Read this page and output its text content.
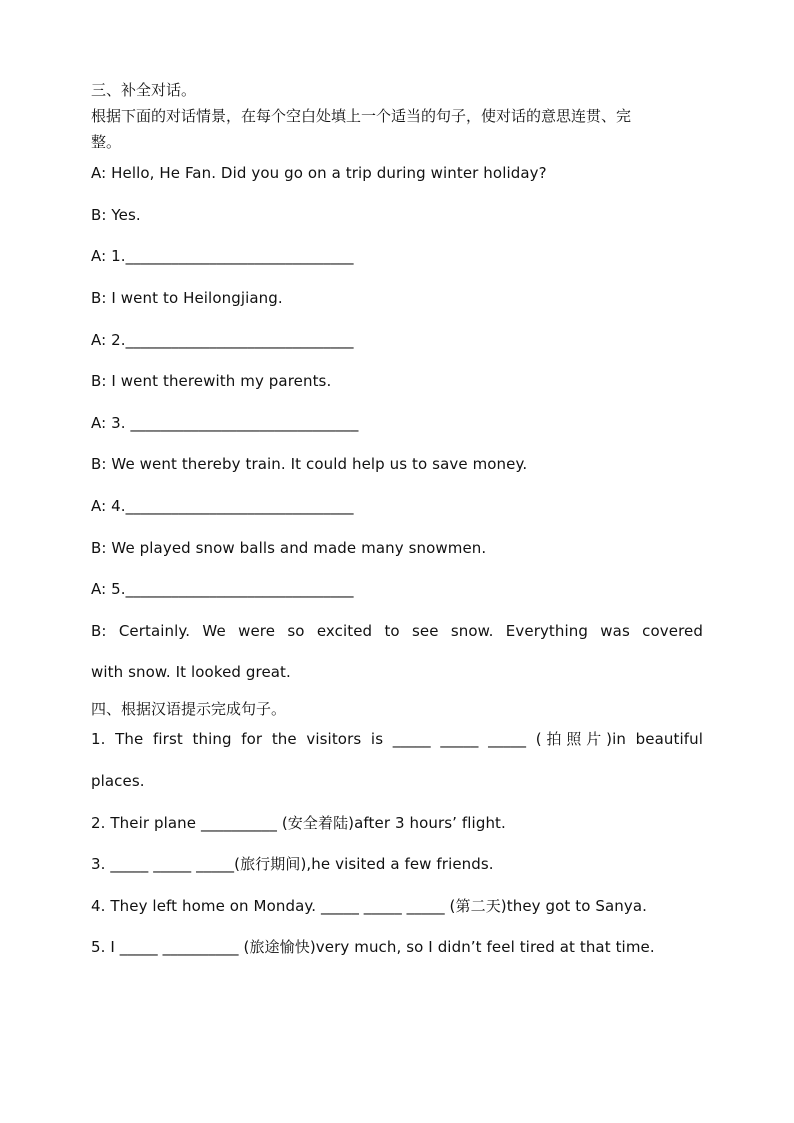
三、补全对话。
根据下面的对话情景，在每个空白处填上一个适当的句子，使对话的意思连贯、完
整。
A: Hello, He Fan. Did you go on a trip during winter holiday?
B: Yes.
A: 1.______________________________
B: I went to Heilongjiang.
A: 2.______________________________
B: I went therewith my parents.
A: 3. ______________________________
B: We went thereby train. It could help us to save money.
A: 4.______________________________
B: We played snow balls and made many snowmen.
A: 5.______________________________
B: Certainly. We were so excited to see snow. Everything was covered
with snow. It looked great.
四、根据汉语提示完成句子。
1. The first thing for the visitors is _____ _____ _____ (拍照片)in beautiful
places.
2. Their plane __________ (安全着陆)after 3 hours’ flight.
3. _____ _____ _____(旅行期间),he visited a few friends.
4. They left home on Monday. _____ _____ _____ (第二天)they got to Sanya.
5. I _____ __________ (旅途愉快)very much, so I didn’t feel tired at that time.
